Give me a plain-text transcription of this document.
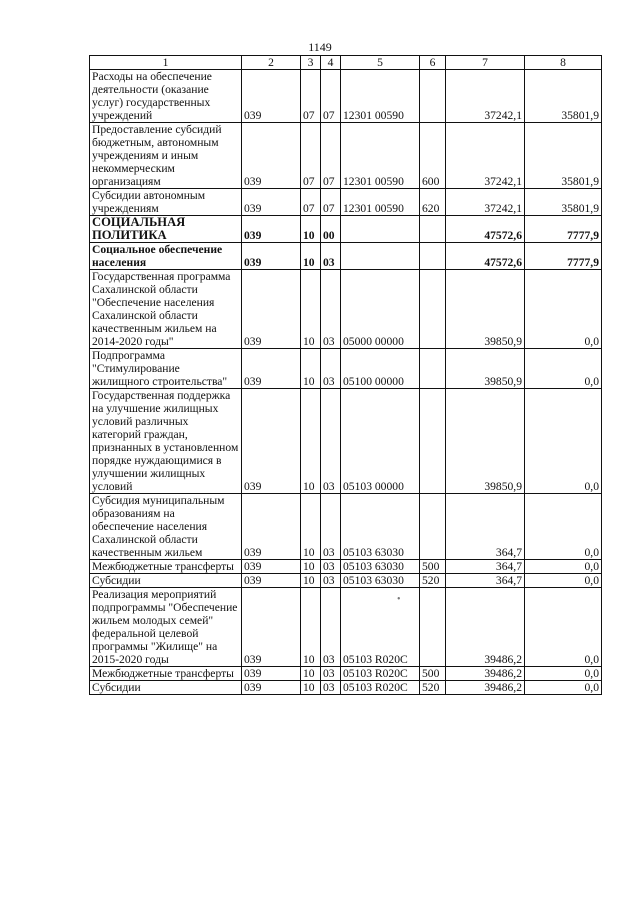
1149
1	2	3	4	5	6	7	8
Расходы на обеспечение деятельности (оказание услуг) государственных учреждений	039	07	07	12301 00590		37242,1	35801,9
Предоставление субсидий бюджетным, автономным учреждениям и иным некоммерческим организациям	039	07	07	12301 00590	600	37242,1	35801,9
Субсидии автономным учреждениям	039	07	07	12301 00590	620	37242,1	35801,9
СОЦИАЛЬНАЯ ПОЛИТИКА	039	10	00			47572,6	7777,9
Социальное обеспечение населения	039	10	03			47572,6	7777,9
Государственная программа Сахалинской области "Обеспечение населения Сахалинской области качественным жильем на 2014-2020 годы"	039	10	03	05000 00000		39850,9	0,0
Подпрограмма "Стимулирование жилищного строительства"	039	10	03	05100 00000		39850,9	0,0
Государственная поддержка на улучшение жилищных условий различных категорий граждан, признанных в установленном порядке нуждающимися в улучшении жилищных условий	039	10	03	05103 00000		39850,9	0,0
Субсидия муниципальным образованиям на обеспечение населения Сахалинской области качественным жильем	039	10	03	05103 63030		364,7	0,0
Межбюджетные трансферты	039	10	03	05103 63030	500	364,7	0,0
Субсидии	039	10	03	05103 63030	520	364,7	0,0
Реализация мероприятий подпрограммы "Обеспечение жильем молодых семей" федеральной целевой программы "Жилище" на 2015-2020 годы	039	10	03	05103 R020C		39486,2	0,0
Межбюджетные трансферты	039	10	03	05103 R020C	500	39486,2	0,0
Субсидии	039	10	03	05103 R020C	520	39486,2	0,0
•
